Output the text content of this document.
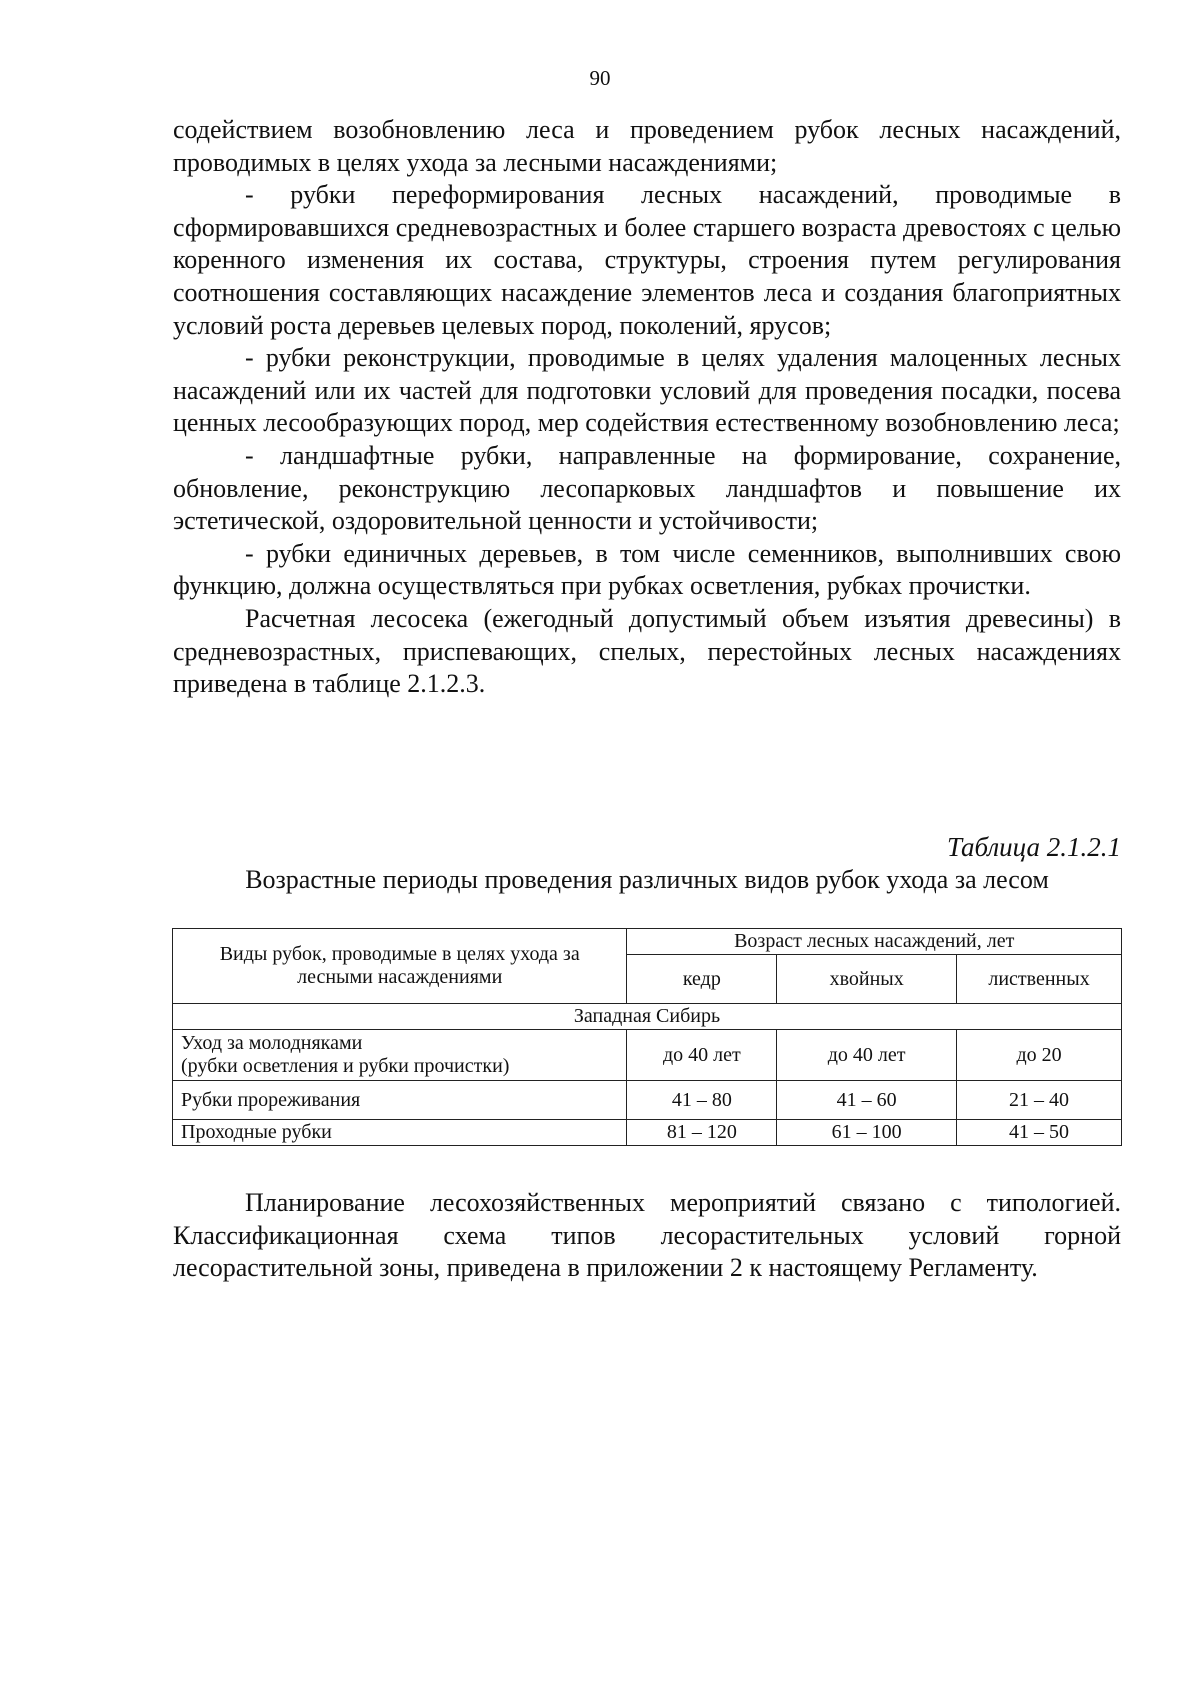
90

содействием возобновлению леса и проведением рубок лесных насаждений, проводимых в целях ухода за лесными насаждениями;

- рубки переформирования лесных насаждений, проводимые в сформировавшихся средневозрастных и более старшего возраста древостоях с целью коренного изменения их состава, структуры, строения путем регулирования соотношения составляющих насаждение элементов леса и создания благоприятных условий роста деревьев целевых пород, поколений, ярусов;

- рубки реконструкции, проводимые в целях удаления малоценных лесных насаждений или их частей для подготовки условий для проведения посадки, посева ценных лесообразующих пород, мер содействия естественному возобновлению леса;

- ландшафтные рубки, направленные на формирование, сохранение, обновление, реконструкцию лесопарковых ландшафтов и повышение их эстетической, оздоровительной ценности и устойчивости;

- рубки единичных деревьев, в том числе семенников, выполнивших свою функцию, должна осуществляться при рубках осветления, рубках прочистки.

Расчетная лесосека (ежегодный допустимый объем изъятия древесины) в средневозрастных, приспевающих, спелых, перестойных лесных насаждениях приведена в таблице 2.1.2.3.

Таблица 2.1.2.1
Возрастные периоды проведения различных видов рубок ухода за лесом
Виды рубок, проводимые в целях ухода за лесными насаждениями	Возраст лесных насаждений, лет		
	кедр	хвойных	лиственных
Западная Сибирь			

Уход за молодняками
(рубки осветления и рубки прочистки)	до 40 лет	до 40 лет	до 20
Рубки прореживания	41 – 80	41 – 60	21 – 40
Проходные рубки	81 – 120	61 – 100	41 – 50

Планирование лесохозяйственных мероприятий связано с типологией. Классификационная схема типов лесорастительных условий горной лесорастительной зоны, приведена в приложении 2 к настоящему Регламенту.
